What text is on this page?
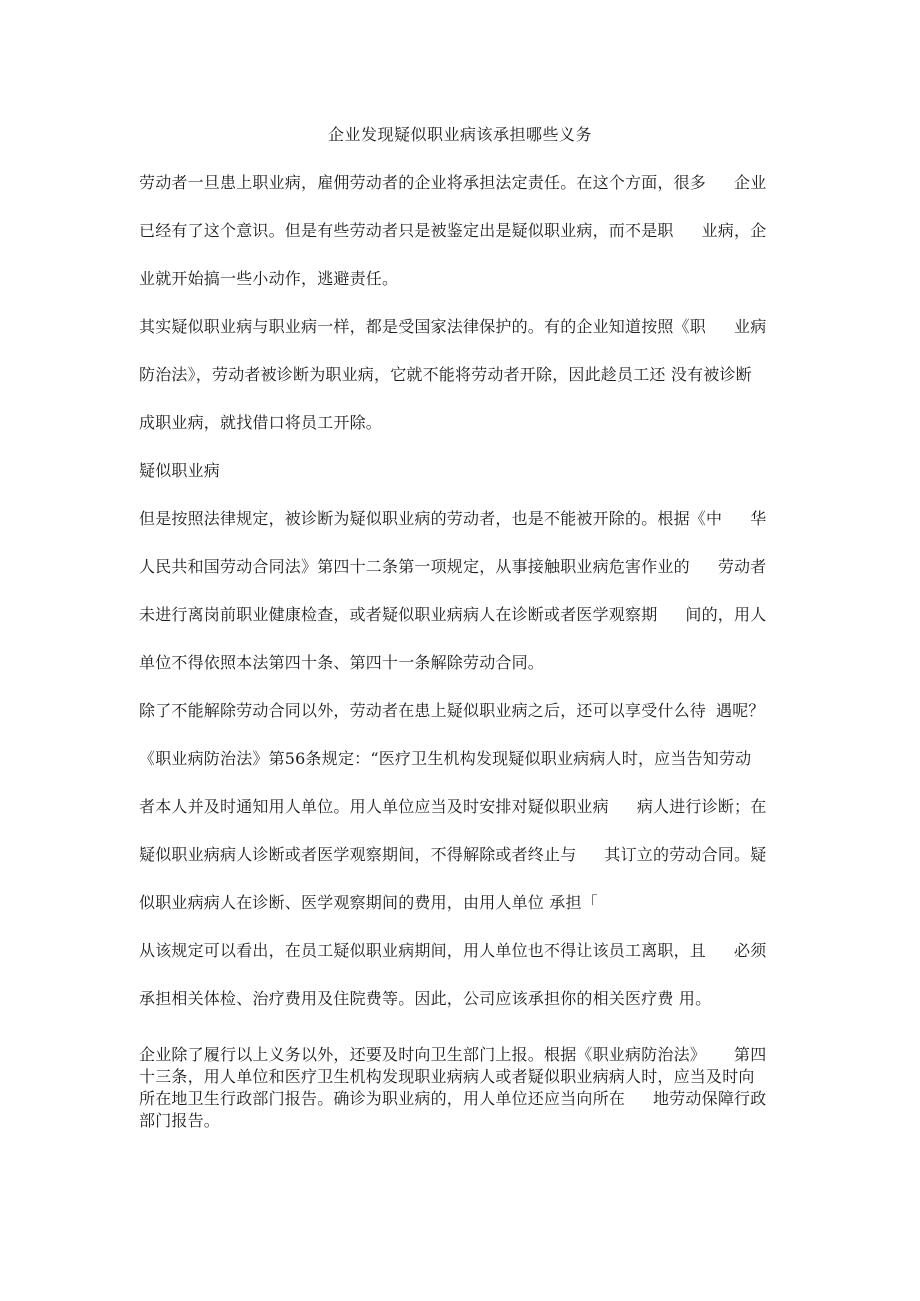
企业发现疑似职业病该承担哪些义务
劳动者一旦患上职业病，雇佣劳动者的企业将承担法定责任。在这个方面，很多 企业
已经有了这个意识。但是有些劳动者只是被鉴定出是疑似职业病，而不是职 业病，企
业就开始搞一些小动作，逃避责任。
其实疑似职业病与职业病一样，都是受国家法律保护的。有的企业知道按照《职 业病
防治法》，劳动者被诊断为职业病，它就不能将劳动者开除，因此趁员工还 没有被诊断
成职业病，就找借口将员工开除。
疑似职业病
但是按照法律规定，被诊断为疑似职业病的劳动者，也是不能被开除的。根据《中 华
人民共和国劳动合同法》第四十二条第一项规定，从事接触职业病危害作业的 劳动者
未进行离岗前职业健康检查，或者疑似职业病病人在诊断或者医学观察期 间的，用人
单位不得依照本法第四十条、第四十一条解除劳动合同。
除了不能解除劳动合同以外，劳动者在患上疑似职业病之后，还可以享受什么待 遇呢？
《职业病防治法》第56条规定：“医疗卫生机构发现疑似职业病病人时，应当告知劳动
者本人并及时通知用人单位。用人单位应当及时安排对疑似职业病 病人进行诊断；在
疑似职业病病人诊断或者医学观察期间，不得解除或者终止与 其订立的劳动合同。疑
似职业病病人在诊断、医学观察期间的费用，由用人单位 承担「
从该规定可以看出，在员工疑似职业病期间，用人单位也不得让该员工离职，且 必须
承担相关体检、治疗费用及住院费等。因此，公司应该承担你的相关医疗费 用。
企业除了履行以上义务以外，还要及时向卫生部门上报。根据《职业病防治法》 第四
十三条，用人单位和医疗卫生机构发现职业病病人或者疑似职业病病人时，应当及时向
所在地卫生行政部门报告。确诊为职业病的，用人单位还应当向所在 地劳动保障行政
部门报告。
